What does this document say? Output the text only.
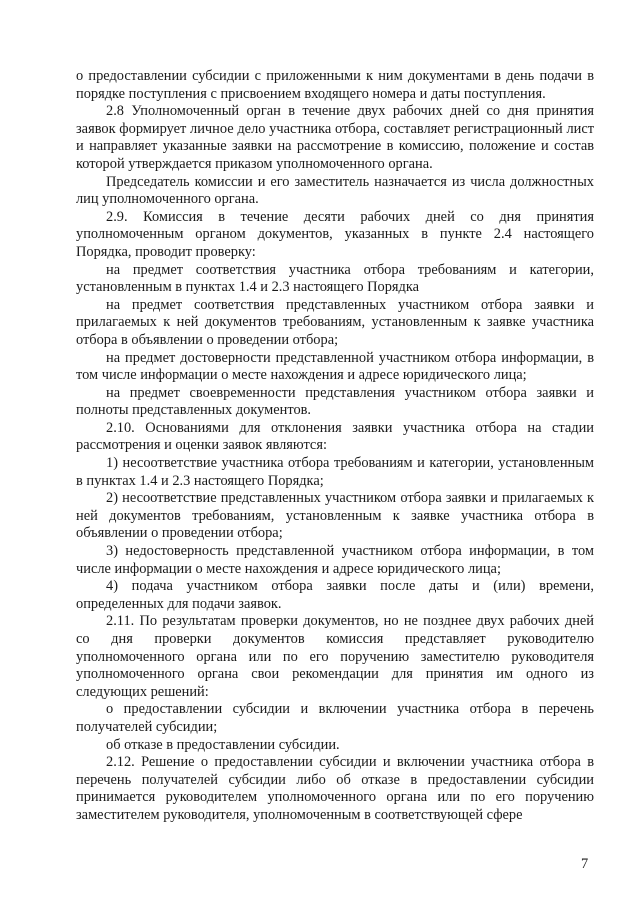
о предоставлении субсидии с приложенными к ним документами в день подачи в порядке поступления с присвоением входящего номера и даты поступления.

2.8 Уполномоченный орган в течение двух рабочих дней со дня принятия заявок формирует личное дело участника отбора, составляет регистрационный лист и направляет указанные заявки на рассмотрение в комиссию, положение и состав которой утверждается приказом уполномоченного органа.

Председатель комиссии и его заместитель назначается из числа должностных лиц уполномоченного органа.

2.9. Комиссия в течение десяти рабочих дней со дня принятия уполномоченным органом документов, указанных в пункте 2.4 настоящего Порядка, проводит проверку:

на предмет соответствия участника отбора требованиям и категории, установленным в пунктах 1.4 и 2.3 настоящего Порядка

на предмет соответствия представленных участником отбора заявки и прилагаемых к ней документов требованиям, установленным к заявке участника отбора в объявлении о проведении отбора;

на предмет достоверности представленной участником отбора информации, в том числе информации о месте нахождения и адресе юридического лица;

на предмет своевременности представления участником отбора заявки и полноты представленных документов.

2.10. Основаниями для отклонения заявки участника отбора на стадии рассмотрения и оценки заявок являются:

1) несоответствие участника отбора требованиям и категории, установленным в пунктах 1.4 и 2.3 настоящего Порядка;

2) несоответствие представленных участником отбора заявки и прилагаемых к ней документов требованиям, установленным к заявке участника отбора в объявлении о проведении отбора;

3) недостоверность представленной участником отбора информации, в том числе информации о месте нахождения и адресе юридического лица;

4) подача участником отбора заявки после даты и (или) времени, определенных для подачи заявок.

2.11. По результатам проверки документов, но не позднее двух рабочих дней со дня проверки документов комиссия представляет руководителю уполномоченного органа или по его поручению заместителю руководителя уполномоченного органа свои рекомендации для принятия им одного из следующих решений:

о предоставлении субсидии и включении участника отбора в перечень получателей субсидии;

об отказе в предоставлении субсидии.

2.12. Решение о предоставлении субсидии и включении участника отбора в перечень получателей субсидии либо об отказе в предоставлении субсидии принимается руководителем уполномоченного органа или по его поручению заместителем руководителя, уполномоченным в соответствующей сфере

7
